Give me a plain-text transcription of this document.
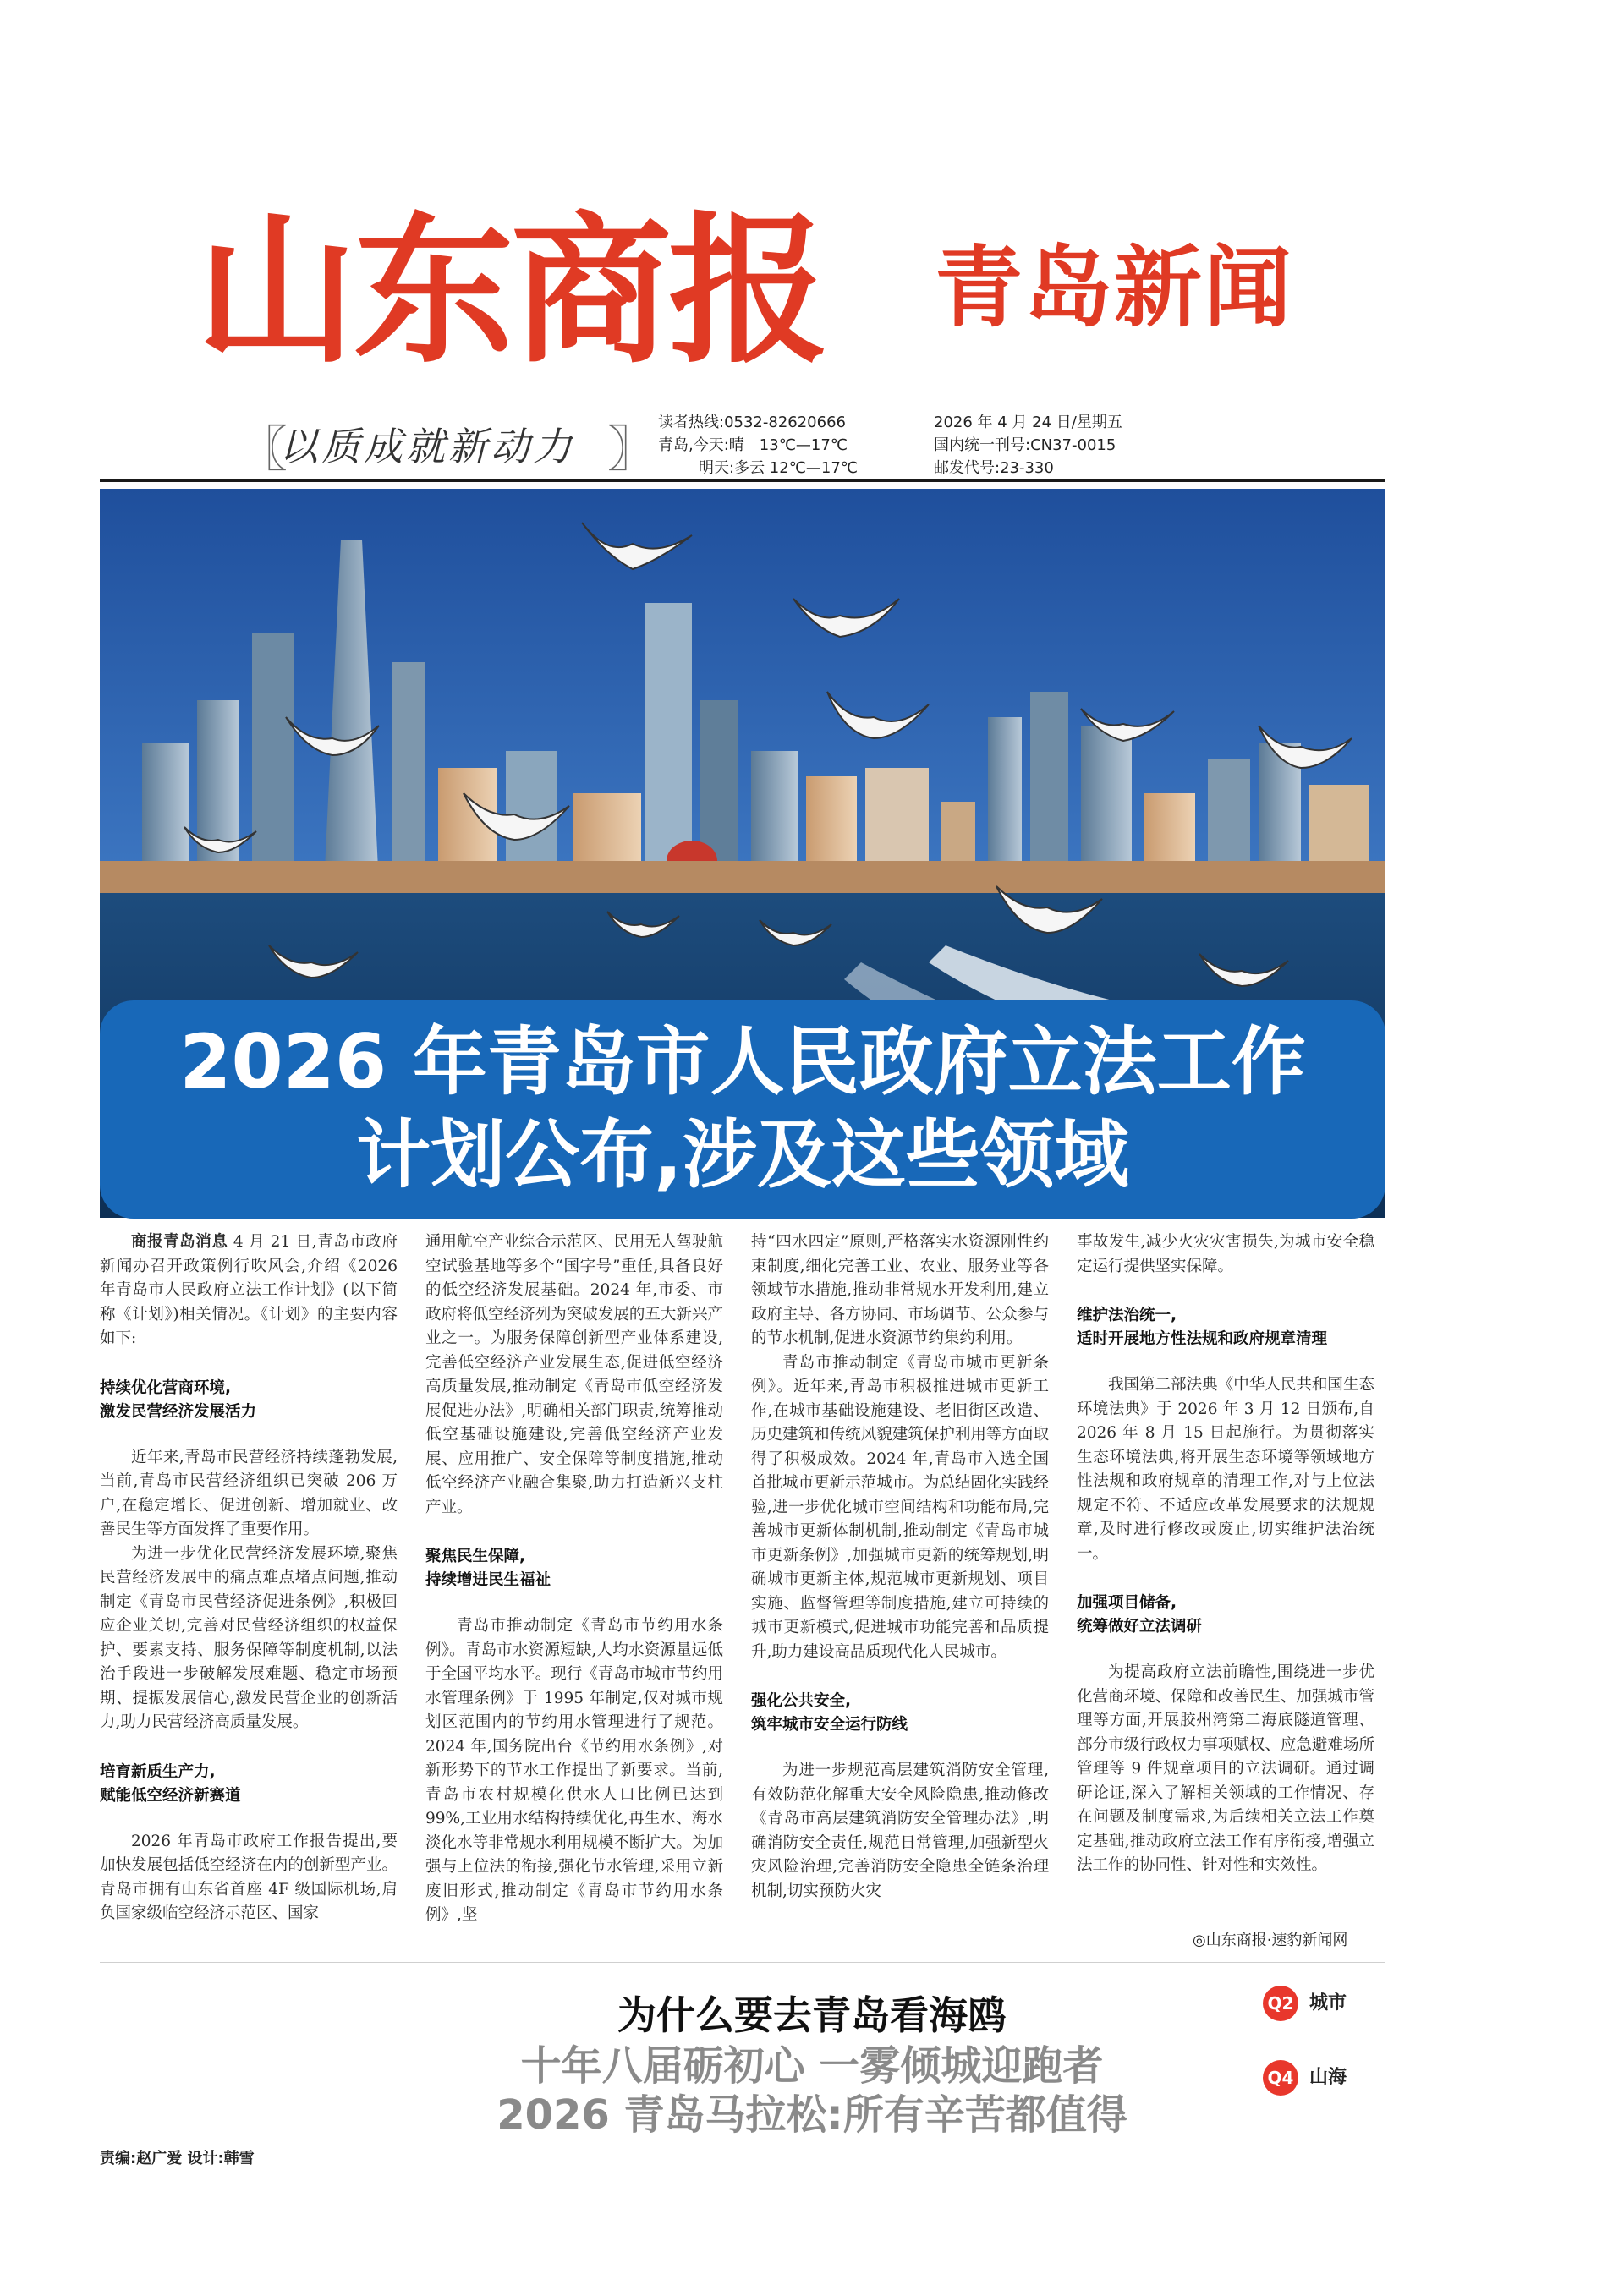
山东商报 青岛新闻
〖
以质成就新动力 〗 读者热线:0532-82620666
青岛,今天:晴　13℃—17℃
明天:多云 12℃—17℃
2026 年 4 月 24 日/星期五
国内统一刊号:CN37-0015
邮发代号:23-330
2026 年青岛市人民政府立法工作
计划公布,涉及这些领域

商报青岛消息 4 月 21 日,青岛市政府新闻办召开政策例行吹风会,介绍《2026 年青岛市人民政府立法工作计划》(以下简称《计划》)相关情况。《计划》的主要内容如下:

持续优化营商环境,
激发民营经济发展活力

近年来,青岛市民营经济持续蓬勃发展,当前,青岛市民营经济组织已突破 206 万户,在稳定增长、促进创新、增加就业、改善民生等方面发挥了重要作用。

为进一步优化民营经济发展环境,聚焦民营经济发展中的痛点难点堵点问题,推动制定《青岛市民营经济促进条例》,积极回应企业关切,完善对民营经济组织的权益保护、要素支持、服务保障等制度机制,以法治手段进一步破解发展难题、稳定市场预期、提振发展信心,激发民营企业的创新活力,助力民营经济高质量发展。

培育新质生产力,
赋能低空经济新赛道

2026 年青岛市政府工作报告提出,要加快发展包括低空经济在内的创新型产业。青岛市拥有山东省首座 4F 级国际机场,肩负国家级临空经济示范区、国家

通用航空产业综合示范区、民用无人驾驶航空试验基地等多个“国字号”重任,具备良好的低空经济发展基础。2024 年,市委、市政府将低空经济列为突破发展的五大新兴产业之一。为服务保障创新型产业体系建设,完善低空经济产业发展生态,促进低空经济高质量发展,推动制定《青岛市低空经济发展促进办法》,明确相关部门职责,统筹推动低空基础设施建设,完善低空经济产业发展、应用推广、安全保障等制度措施,推动低空经济产业融合集聚,助力打造新兴支柱产业。

聚焦民生保障,
持续增进民生福祉

青岛市推动制定《青岛市节约用水条例》。青岛市水资源短缺,人均水资源量远低于全国平均水平。现行《青岛市城市节约用水管理条例》于 1995 年制定,仅对城市规划区范围内的节约用水管理进行了规范。2024 年,国务院出台《节约用水条例》,对新形势下的节水工作提出了新要求。当前,青岛市农村规模化供水人口比例已达到 99%,工业用水结构持续优化,再生水、海水淡化水等非常规水利用规模不断扩大。为加强与上位法的衔接,强化节水管理,采用立新废旧形式,推动制定《青岛市节约用水条例》,坚

持“四水四定”原则,严格落实水资源刚性约束制度,细化完善工业、农业、服务业等各领域节水措施,推动非常规水开发利用,建立政府主导、各方协同、市场调节、公众参与的节水机制,促进水资源节约集约利用。

青岛市推动制定《青岛市城市更新条例》。近年来,青岛市积极推进城市更新工作,在城市基础设施建设、老旧街区改造、历史建筑和传统风貌建筑保护利用等方面取得了积极成效。2024 年,青岛市入选全国首批城市更新示范城市。为总结固化实践经验,进一步优化城市空间结构和功能布局,完善城市更新体制机制,推动制定《青岛市城市更新条例》,加强城市更新的统筹规划,明确城市更新主体,规范城市更新规划、项目实施、监督管理等制度措施,建立可持续的城市更新模式,促进城市功能完善和品质提升,助力建设高品质现代化人民城市。

强化公共安全,
筑牢城市安全运行防线

为进一步规范高层建筑消防安全管理,有效防范化解重大安全风险隐患,推动修改《青岛市高层建筑消防安全管理办法》,明确消防安全责任,规范日常管理,加强新型火灾风险治理,完善消防安全隐患全链条治理机制,切实预防火灾

事故发生,减少火灾灾害损失,为城市安全稳定运行提供坚实保障。

维护法治统一,
适时开展地方性法规和政府规章清理

我国第二部法典《中华人民共和国生态环境法典》于 2026 年 3 月 12 日颁布,自 2026 年 8 月 15 日起施行。为贯彻落实生态环境法典,将开展生态环境等领域地方性法规和政府规章的清理工作,对与上位法规定不符、不适应改革发展要求的法规规章,及时进行修改或废止,切实维护法治统一。

加强项目储备,
统筹做好立法调研

为提高政府立法前瞻性,围绕进一步优化营商环境、保障和改善民生、加强城市管理等方面,开展胶州湾第二海底隧道管理、部分市级行政权力事项赋权、应急避难场所管理等 9 件规章项目的立法调研。通过调研论证,深入了解相关领域的工作情况、存在问题及制度需求,为后续相关立法工作奠定基础,推动政府立法工作有序衔接,增强立法工作的协同性、针对性和实效性。

◎山东商报·速豹新闻网
为什么要去青岛看海鸥
十年八届砺初心 一雾倾城迎跑者
2026 青岛马拉松:所有辛苦都值得
Q2 城市
Q4 山海
责编:赵广爱 设计:韩雪
